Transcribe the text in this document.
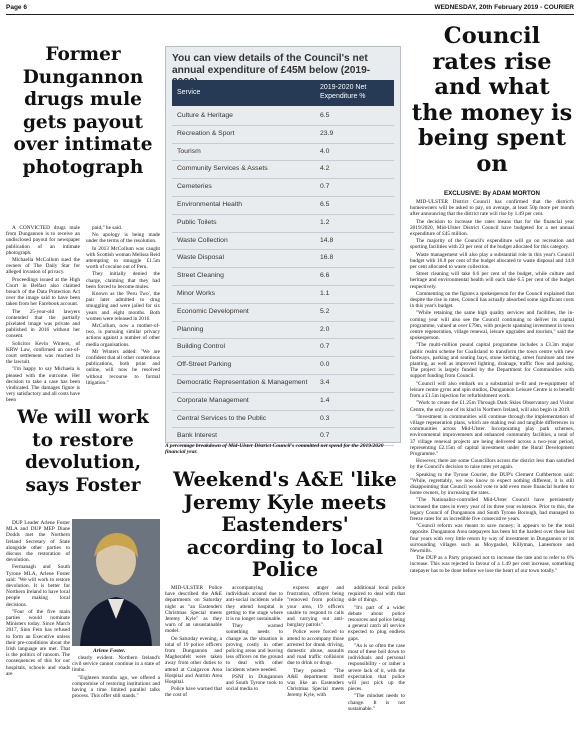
Page 6	WEDNESDAY, 20th February 2019 - COURIER
Former Dungannon drugs mule gets payout over intimate photograph

A CONVICTED drugs mule from Dungannon is to receive an undisclosed payout for newspaper publication of an intimate photograph.

Michaella McCollum sued the owners of The Daily Star for alleged invasion of privacy.

Proceedings issued at the High Court in Belfast also claimed breach of the Data Protection Act over the image said to have been taken from her Facebook account.

The 25-year-old lawyers contended that the partially pixelated image was private and published in 2016 without her consent.

Solicitor Kevin Winters, of KRW Law, confirmed an out-of-court settlement was reached in the lawsuit.

"I'm happy to say Michaela is pleased with the outcome. Her decision to take a case has been vindicated. The damages figure is very satisfactory and all costs have been

paid," he said.

No apology is being made under the terms of the resolution.

In 2013 McCollum was caught with Scottish woman Melissa Reid attempting to smuggle £1.5m worth of cocaine out of Peru.

They initially denied the charge, claiming that they had been forced to become mules.

Known as the 'Peru Two', the pair later admitted to drug smuggling and were jailed for six years and eight months. Both women were released in 2016.

McCollum, now a mother-of-two, is pursuing similar privacy actions against a number of other media organisations.

Mr Winters added: "We are confident that all other contentious publications, both print and online, will now be resolved without recourse to formal litigation."

We will work to restore devolution, says Foster
Arlene Foster.

DUP Leader Arlene Foster MLA and DUP MEP Diane Dodds met the Northern Ireland Secretary of State alongside other parties to discuss the restoration of devolution.

Fermanagh and South Tyrone MLA, Arlene Foster said: "We will work to restore devolution. It is better for Northern Ireland to have local people making local decisions.

"Four of the five main parties would nominate Ministers today. Since March 2017, Sinn Fein has refused to form an Executive unless their pre-conditions about the Irish language are met. That is the politics of ransom. The consequences of this for our hospitals, schools and roads are

clearly evident. Northern Ireland's civil service cannot continue in a state of limbo.

"Eighteen months ago, we offered a compromise of restoring institutions and having a time limited parallel talks process. This offer still stands."

You can view details of the Council's net annual expenditure of £45M below (2019-
Service
2019-2020 Net Expenditure %
Culture & Heritage	6.5
Recreation & Sport	23.9
Tourism	4.0
Community Services & Assets	4.2
Cemeteries	0.7
Environmental Health	6.5
Public Toilets	1.2
Waste Collection	14.8
Waste Disposal	16.8
Street Cleaning	6.6
Minor Works	1.1
Economic Development	5.2
Planning	2.0
Building Control	0.7
Off-Street Parking	0.0
Democratic Representation & Management 3.4
Corporate Management	1.4
Central Services to the Public	0.3
Bank Interest	0.7
A percentage breakdown of Mid-Ulster District Council's committed net spend for the 2019/2020 financial year.
Weekend's A&E 'like Jeremy Kyle meets Eastenders' according to local Police

MID-ULSTER Police have described the A&E departments on Saturday night as "an Eastenders Christmas Special meets Jeremy Kyle" as they warn of an unsustainable model.

On Saturday evening, a total of 19 police officers from Dungannon and Magherafelt were taken away from other duties to attend at Craigavon Area Hospital and Antrim Area Hospital.

Police have warned that the cost of

accompanying individuals around due to anti-social incidents while they attend hospital is getting to the stage where it is no longer sustainable.

They warned something needs to change as the situation is proving costly in other policing areas and leaving less officers on the ground to deal with other incidents where needed.

PSNI in Dungannon and South Tyrone took to social media to

express anger and frustration, officers being "removed from policing your area, 19 officers unable to respond to calls and carrying out anti-burglary patrols".

Police were forced to attend to accompany those arrested for drunk driving, domestic abuse, assaults and road traffic collisions due to drink or drugs.

They posted: "The A&E department itself was like an Eastenders Christmas Special meets Jeremy Kyle, with

additional local police required to deal with that side of things.

"It's part of a wider debate about police resources and police being a general catch all service expected to plug endless gaps.

"As is so often the case most of these boil down to individuals and personal responsibility - or rather a severe lack of it, with the expectation that police will just pick up the pieces.

"The mindset needs to change. It is not sustainable."

Council rates rise and what the money is being spent on
EXCLUSIVE: By ADAM MORTON

MID-ULSTER District Council has confirmed that the district's homeowners will be asked to pay, on average, at least 50p more per month after announcing that the district rate will rise by 1.49 per cent.

The decision to increase the rates means that for the financial year 2019/2020, Mid-Ulster District Council have budgeted for a net annual expenditure of £45 million.

The majority of the Council's expenditure will go on recreation and sporting facilities with 23 per cent of the budget allocated for this category.

Waste management will also play a substantial role in this year's Council budget with 16.8 per cent of the budget allocated to waste disposal and 14.8 per cent allocated to waste collection.

Street cleaning will take 6.6 per cent of the budget, while culture and heritage and environmental health will each take 6.5 per cent of the budget respectively.

Commenting on the figures a spokesperson for the Council explained that despite the rise in rates, Council has actually absorbed some significant costs in this year's budget.

"While retaining the same high quality services and facilities, the in-coming year will also see the Council continuing to deliver its capital programme, valued at over £79m, with projects spanning investment in town centre regeneration, village renewal, leisure upgrades and tourism," said the spokesperson.

"The multi-million pound capital programme includes a £3.3m major public realm scheme for Coalisland to transform the town centre with new footways, parking and seating bays, stone kerbing, street furniture and tree planting, as well as improved lighting, drainage, traffic flow and parking. The project is largely funded by the Department for Communities with support funding from Council.

"Council will also embark on a substantial re-fit and re-equipment of leisure centre gyms and spin studios, Dungannon Leisure Centre is to benefit from a £1.5m injection for refurbishment work.

"Work to create the £1.25m Through Dark Skies Observatory and Visitor Centre, the only one of its kind in Northern Ireland, will also begin in 2019.

"Investment in communities will continue through the implementation of village regeneration plans, which are making real and tangible differences in communities across Mid-Ulster. Incorporating play park schemes, environmental improvements and enhanced community facilities, a total of 37 village renewal projects are being delivered across a two-year period, representing £2.15m of capital investment under the Rural Development Programme."

However, there are some Councillors across the district less than satisfied by the Council's decision to raise rates yet again.

Speaking to the Tyrone Courier, the DUP's Clement Cuthbertson said: "While, regrettably, we now know to expect nothing different, it is still disappointing that Council would vote to add even more financial burden to home owners, by increasing the rates.

"The Nationalist-controlled Mid-Ulster Council have persistently increased the rates in every year of its three year existence. Prior to this, the legacy Council of Dungannon and South Tyrone Borough, had managed to freeze rates for an incredible five consecutive years.

"Council reform was meant to save money; it appears to be the total opposite. Dungannon Area ratepayers has been hit the hardest over these last four years with very little return by way of investment in Dungannon or its surrounding villages such as Moygashel, Killyman, Lanesmore and Newmills.

The DUP as a Party proposed not to increase the rate and to refer to 0% increase. This was rejected in favour of a 1.49 per cent increase, something ratepayer has to be done before we lose the heart of our town totally."
